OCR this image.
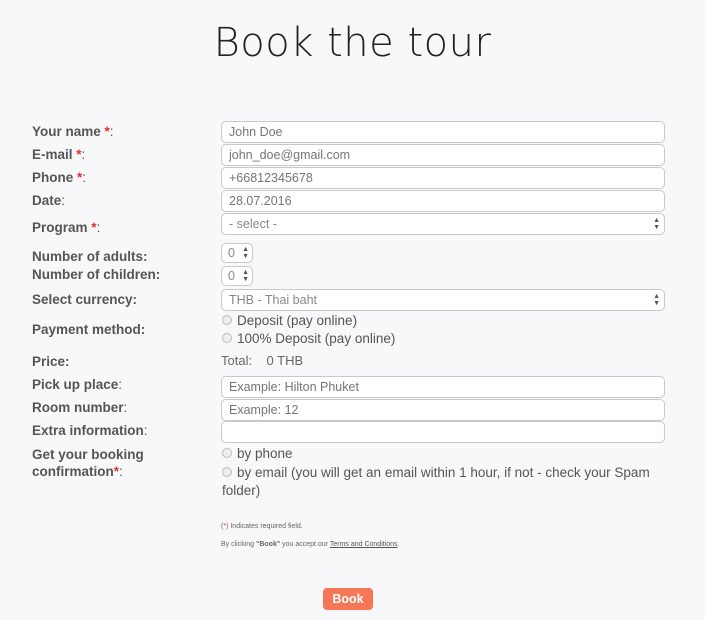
Book the tour
Your name *:
John Doe
E-mail *:
john_doe@gmail.com
Phone *:
+66812345678
Date:
28.07.2016
Program *:	- select -	▲
▼
Number of adults:	0 ▲
▼
Number of children:	0 ▲
▼
Select currency:	THB - Thai baht	▲
▼
Payment method:
Deposit (pay online)
100% Deposit (pay online)
Price:	Total: 0 THB
Pick up place:
Example: Hilton Phuket
Room number:
Example: 12
Extra information:
Get your booking
confirmation*:
by phone
by email (you will get an email within 1 hour, if not - check your Spam folder)
(*) Indicates required field.
By clicking "Book" you accept our Terms and Conditions.
Book
